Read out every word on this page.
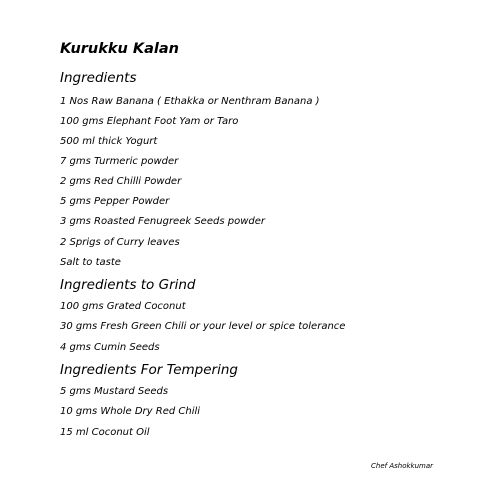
Kurukku Kalan
Ingredients
1 Nos Raw Banana ( Ethakka or Nenthram Banana )
100 gms Elephant Foot Yam or Taro
500 ml thick Yogurt
7 gms Turmeric powder
2 gms Red Chilli Powder
5 gms Pepper Powder
3 gms Roasted Fenugreek Seeds powder
2 Sprigs of Curry leaves
Salt to taste
Ingredients to Grind
100 gms Grated Coconut
30 gms Fresh Green Chili or your level or spice tolerance
4 gms Cumin Seeds
Ingredients For Tempering
5 gms Mustard Seeds
10 gms Whole Dry Red Chili
15 ml Coconut Oil
Chef Ashokkumar
